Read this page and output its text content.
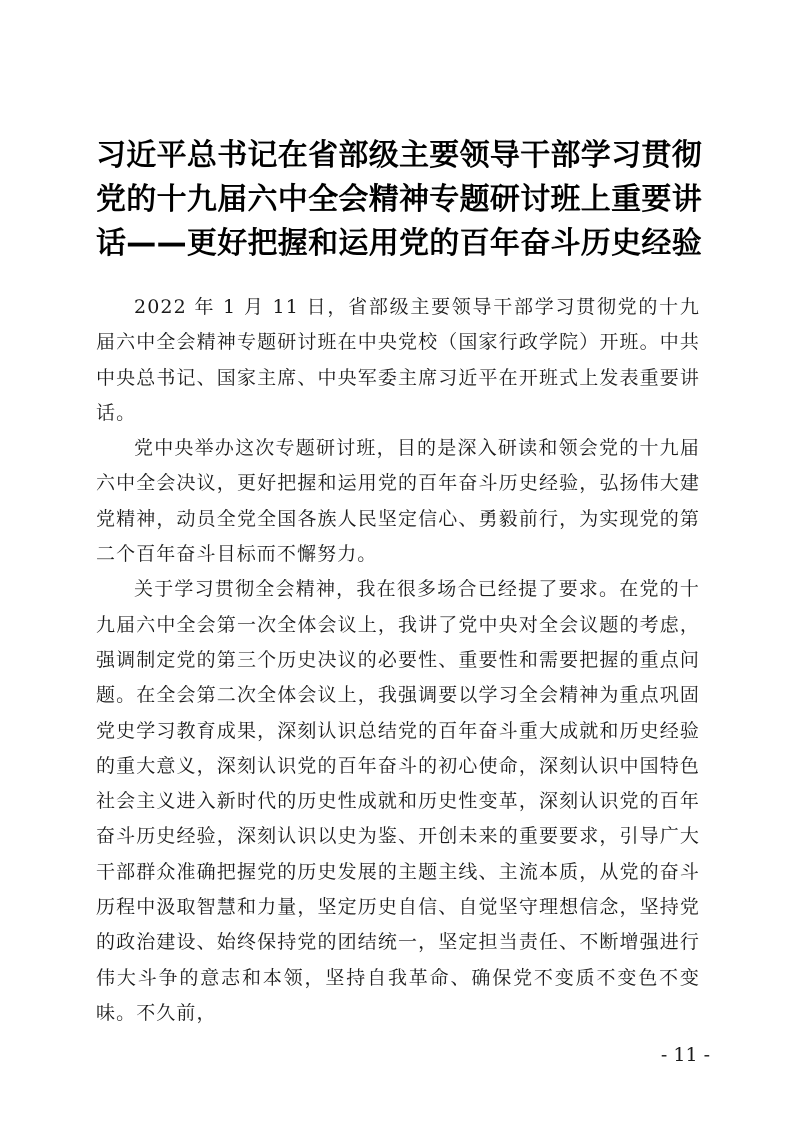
习近平总书记在省部级主要领导干部学习贯彻党的十九届六中全会精神专题研讨班上重要讲话——更好把握和运用党的百年奋斗历史经验

2022 年 1 月 11 日，省部级主要领导干部学习贯彻党的十九届六中全会精神专题研讨班在中央党校（国家行政学院）开班。中共中央总书记、国家主席、中央军委主席习近平在开班式上发表重要讲话。

党中央举办这次专题研讨班，目的是深入研读和领会党的十九届六中全会决议，更好把握和运用党的百年奋斗历史经验，弘扬伟大建党精神，动员全党全国各族人民坚定信心、勇毅前行，为实现党的第二个百年奋斗目标而不懈努力。

关于学习贯彻全会精神，我在很多场合已经提了要求。在党的十九届六中全会第一次全体会议上，我讲了党中央对全会议题的考虑，强调制定党的第三个历史决议的必要性、重要性和需要把握的重点问题。在全会第二次全体会议上，我强调要以学习全会精神为重点巩固党史学习教育成果，深刻认识总结党的百年奋斗重大成就和历史经验的重大意义，深刻认识党的百年奋斗的初心使命，深刻认识中国特色社会主义进入新时代的历史性成就和历史性变革，深刻认识党的百年奋斗历史经验，深刻认识以史为鉴、开创未来的重要要求，引导广大干部群众准确把握党的历史发展的主题主线、主流本质，从党的奋斗历程中汲取智慧和力量，坚定历史自信、自觉坚守理想信念，坚持党的政治建设、始终保持党的团结统一，坚定担当责任、不断增强进行伟大斗争的意志和本领，坚持自我革命、确保党不变质不变色不变味。不久前，

- 11 -
